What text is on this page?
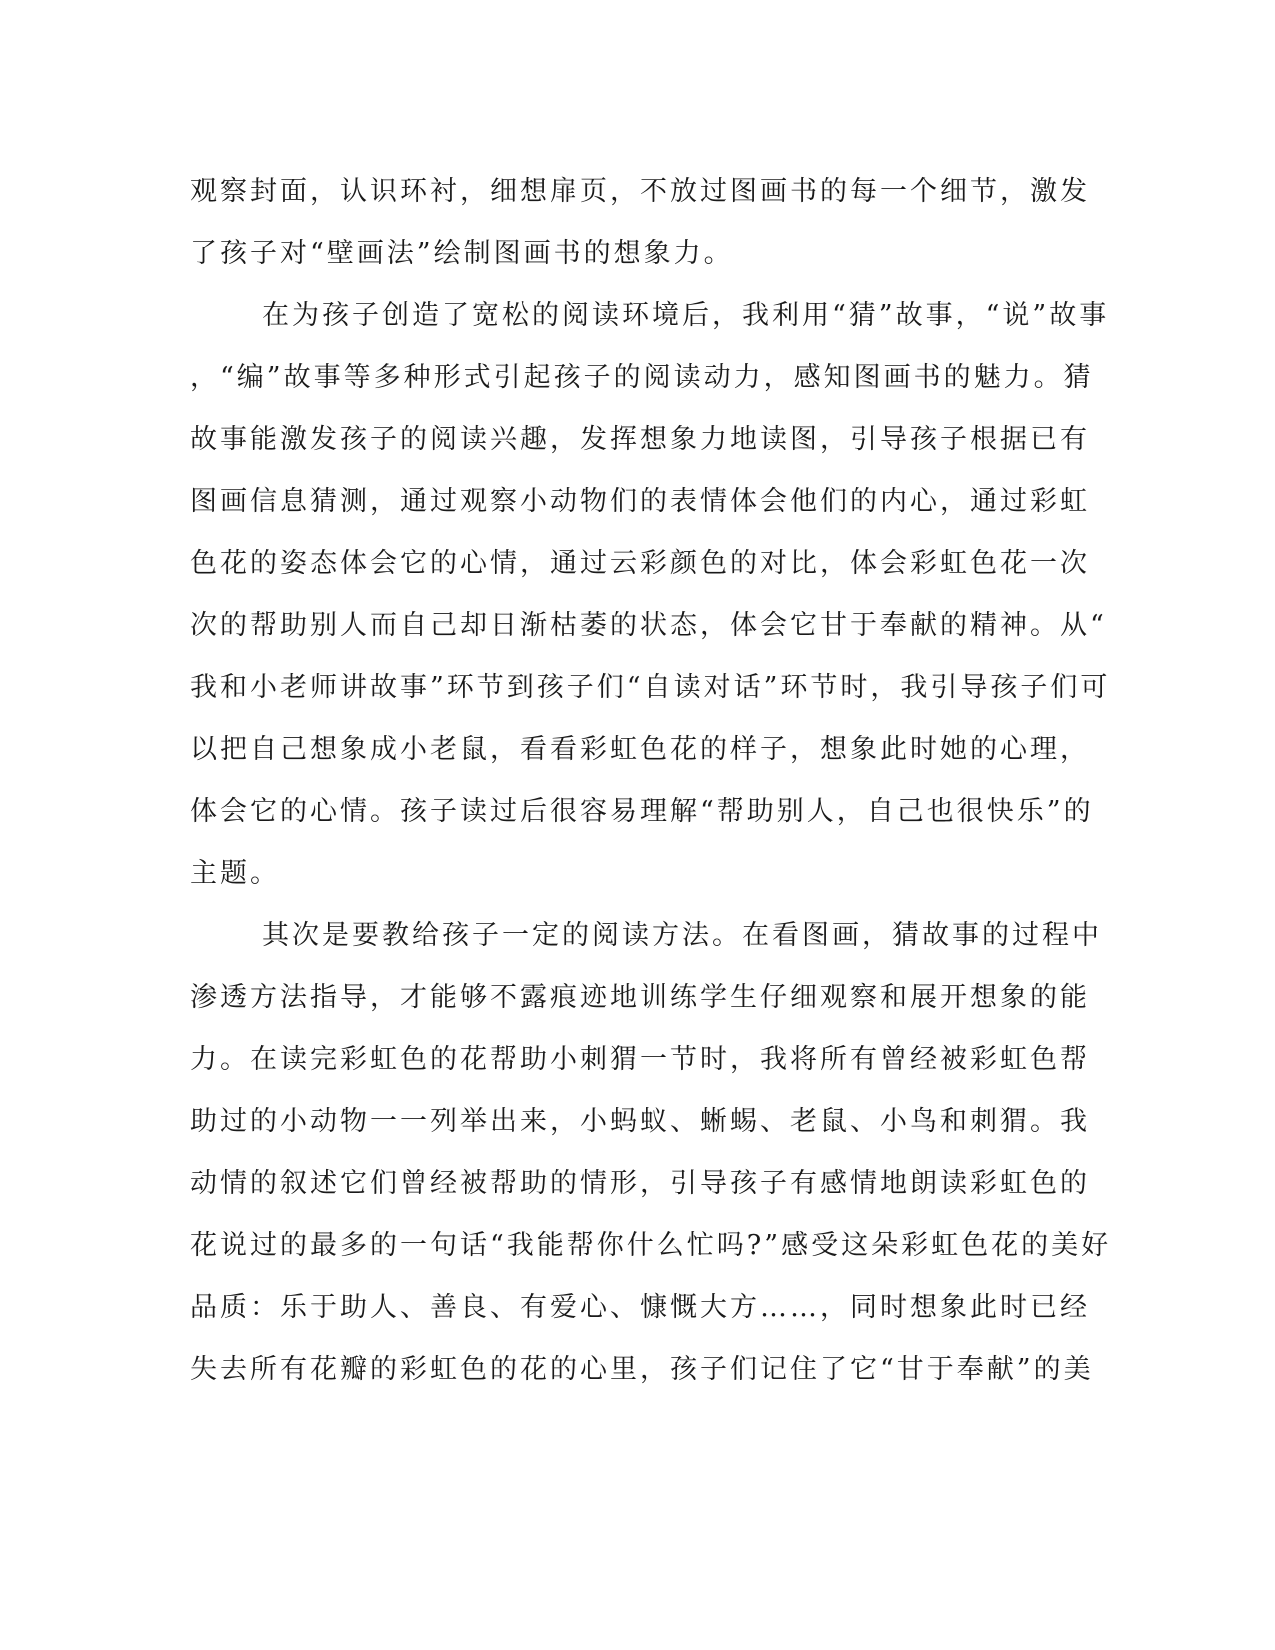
观察封面，认识环衬，细想扉页，不放过图画书的每一个细节，激发
了孩子对“壁画法”绘制图画书的想象力。
在为孩子创造了宽松的阅读环境后，我利用“猜”故事，“说”故事
，“编”故事等多种形式引起孩子的阅读动力，感知图画书的魅力。猜
故事能激发孩子的阅读兴趣，发挥想象力地读图，引导孩子根据已有
图画信息猜测，通过观察小动物们的表情体会他们的内心，通过彩虹
色花的姿态体会它的心情，通过云彩颜色的对比，体会彩虹色花一次
次的帮助别人而自己却日渐枯萎的状态，体会它甘于奉献的精神。从“
我和小老师讲故事”环节到孩子们“自读对话”环节时，我引导孩子们可
以把自己想象成小老鼠，看看彩虹色花的样子，想象此时她的心理，
体会它的心情。孩子读过后很容易理解“帮助别人，自己也很快乐”的
主题。
其次是要教给孩子一定的阅读方法。在看图画，猜故事的过程中
渗透方法指导，才能够不露痕迹地训练学生仔细观察和展开想象的能
力。在读完彩虹色的花帮助小刺猬一节时，我将所有曾经被彩虹色帮
助过的小动物一一列举出来，小蚂蚁、蜥蜴、老鼠、小鸟和刺猬。我
动情的叙述它们曾经被帮助的情形，引导孩子有感情地朗读彩虹色的
花说过的最多的一句话“我能帮你什么忙吗?”感受这朵彩虹色花的美好
品质：乐于助人、善良、有爱心、慷慨大方……，同时想象此时已经
失去所有花瓣的彩虹色的花的心里，孩子们记住了它“甘于奉献”的美
